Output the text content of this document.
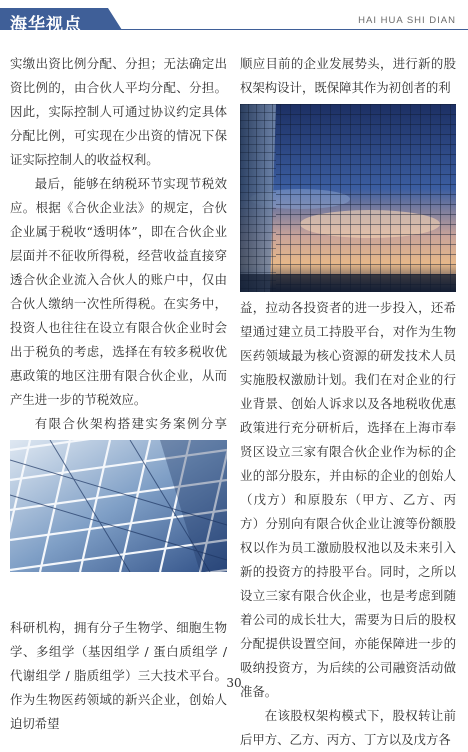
海华视点	HAI HUA SHI DIAN

实缴出资比例分配、分担；无法确定出资比例的，由合伙人平均分配、分担。因此，实际控制人可通过协议约定具体分配比例，可实现在少出资的情况下保证实际控制人的收益权利。

最后，能够在纳税环节实现节税效应。根据《合伙企业法》的规定，合伙企业属于税收“透明体”，即在合伙企业层面并不征收所得税，经营收益直接穿透合伙企业流入合伙人的账户中，仅由合伙人缴纳一次性所得税。在实务中，投资人也往往在设立有限合伙企业时会出于税负的考虑，选择在有较多税收优惠政策的地区注册有限合伙企业，从而产生进一步的节税效应。

有限合伙架构搭建实务案例分享

科研机构，拥有分子生物学、细胞生物学、多组学（基因组学 / 蛋白质组学 / 代谢组学 / 脂质组学）三大技术平台。作为生物医药领域的新兴企业，创始人迫切希望

顺应目前的企业发展势头，进行新的股权架构设计，既保障其作为初创者的利

益，拉动各投资者的进一步投入，还希望通过建立员工持股平台，对作为生物医药领域最为核心资源的研发技术人员实施股权激励计划。我们在对企业的行业背景、创始人诉求以及各地税收优惠政策进行充分研析后，选择在上海市奉贤区设立三家有限合伙企业作为标的企业的部分股东，并由标的企业的创始人（戊方）和原股东（甲方、乙方、丙方）分别向有限合伙企业让渡等份额股权以作为员工激励股权池以及未来引入新的投资方的持股平台。同时，之所以设立三家有限合伙企业，也是考虑到随着公司的成长壮大，需要为日后的股权分配提供设置空间，亦能保障进一步的吸纳投资方，为后续的公司融资活动做准备。

在该股权架构模式下，股权转让前后甲方、乙方、丙方、丁方以及戊方各

30
